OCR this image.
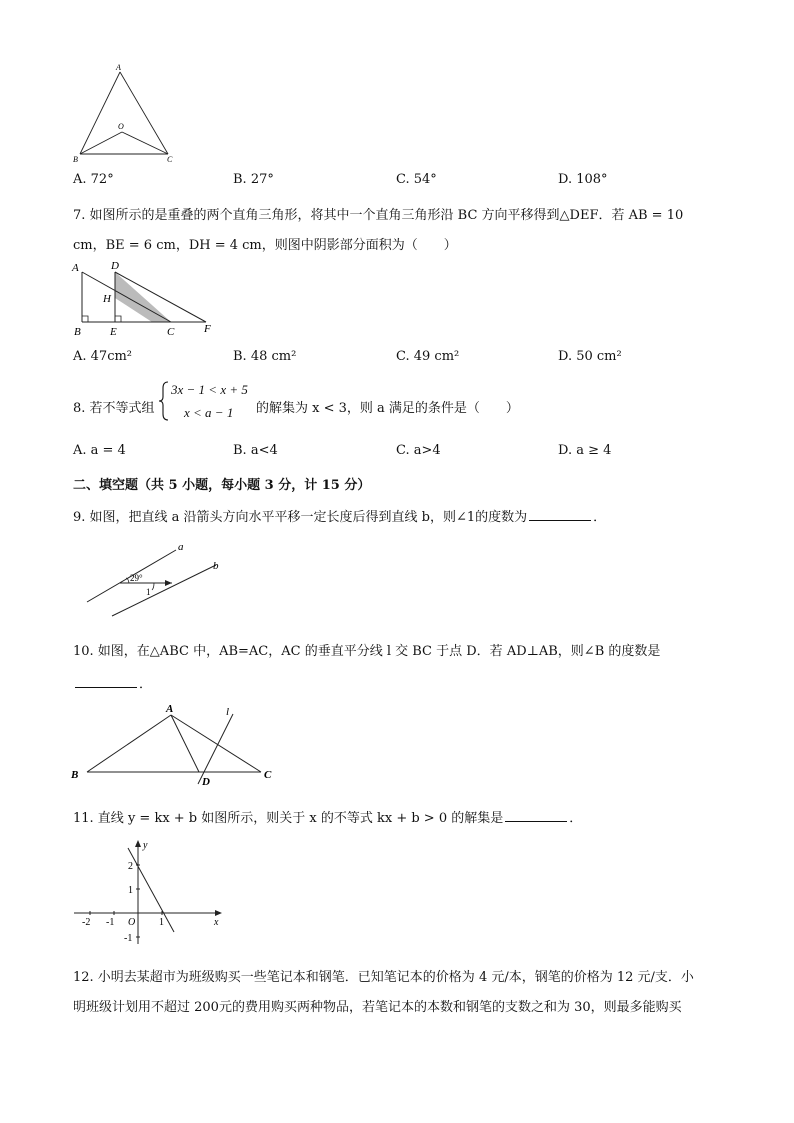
A
O
B	C
A. 72°	B. 27°	C. 54°	D. 108°
7. 如图所示的是重叠的两个直角三角形，将其中一个直角三角形沿 BC 方向平移得到△DEF．若 AB = 10
cm，BE = 6 cm，DH = 4 cm，则图中阴影部分面积为（　　）
A	D
H
B	E	C	F
A. 47cm²	B. 48 cm²	C. 49 cm²	D. 50 cm²
8. 若不等式组
3x − 1 < x + 5
x < a − 1 的解集为 x < 3，则 a 满足的条件是（　　）
A. a = 4	B. a<4	C. a>4	D. a ≥ 4
二、填空题（共 5 小题，每小题 3 分，计 15 分）
9. 如图，把直线 a 沿箭头方向水平平移一定长度后得到直线 b，则∠1的度数为	．
a
b
29°
1
10. 如图，在△ABC 中，AB=AC，AC 的垂直平分线 l 交 BC 于点 D．若 AD⊥AB，则∠B 的度数是
．
A	l
B
D
C
11. 直线 y = kx + b 如图所示，则关于 x 的不等式 kx + b > 0 的解集是	．
y
x
O
-2 -1	1
2
1
-1
12. 小明去某超市为班级购买一些笔记本和钢笔．已知笔记本的价格为 4 元/本，钢笔的价格为 12 元/支．小
明班级计划用不超过 200元的费用购买两种物品，若笔记本的本数和钢笔的支数之和为 30，则最多能购买
